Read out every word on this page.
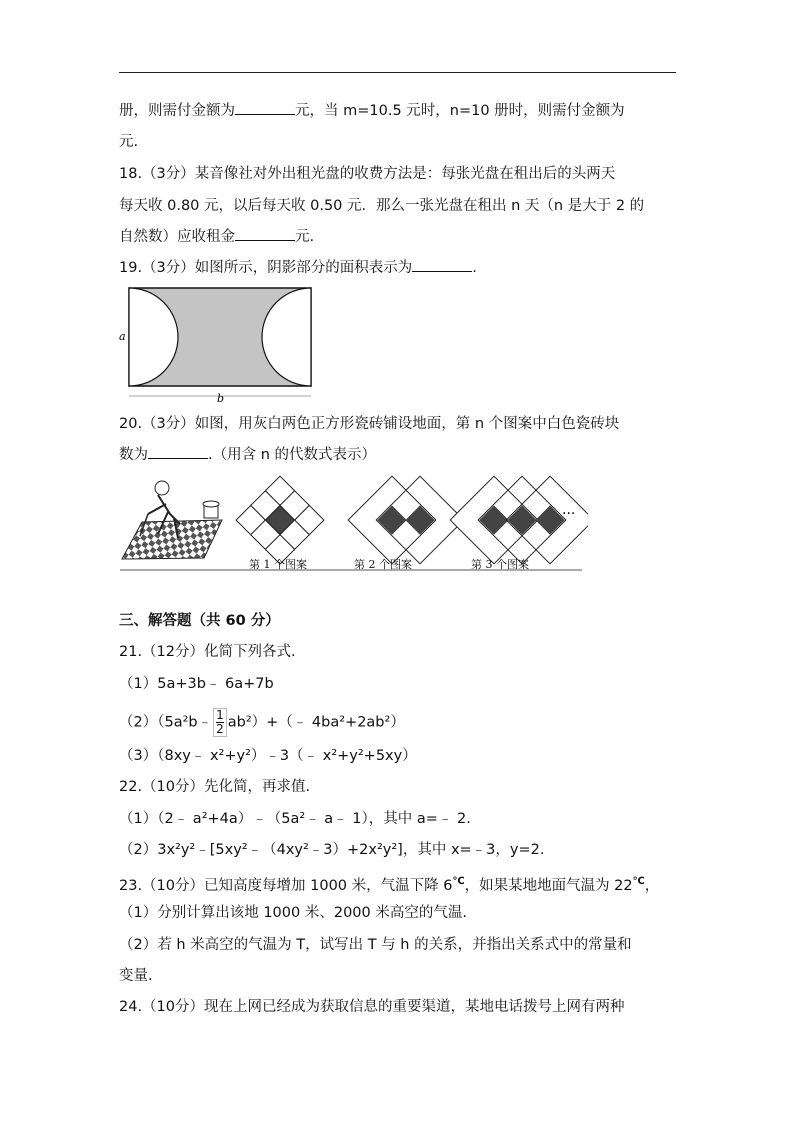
册，则需付金额为	元，当 m=10.5 元时，n=10 册时，则需付金额为
元.
18.（3分）某音像社对外出租光盘的收费方法是：每张光盘在租出后的头两天
每天收 0.80 元，以后每天收 0.50 元．那么一张光盘在租出 n 天（n 是大于 2 的
自然数）应收租金	元.
19.（3分）如图所示，阴影部分的面积表示为	.
a
b
20.（3分）如图，用灰白两色正方形瓷砖铺设地面，第 n 个图案中白色瓷砖块
数为	.（用含 n 的代数式表示）
···
第 1 个图案	第 2 个图案	第 3 个图案
三、解答题（共 60 分）
21.（12分）化简下列各式.
（1）5a+3b﹣ 6a+7b
（2）（5a²b﹣ $\frac{1}{2}$ ab²）+（﹣ 4ba²+2ab²）
（3）（8xy﹣ x²+y²）﹣3（﹣ x²+y²+5xy）
22.（10分）先化简，再求值.
（1）（2﹣ a²+4a）﹣（5a²﹣ a﹣ 1），其中 a=﹣ 2.
（2）3x²y²﹣[5xy²﹣（4xy²﹣3）+2x²y²]，其中 x=﹣3，y=2.
23.（10分）已知高度每增加 1000 米，气温下降 6℃，如果某地地面气温为 22℃，
（1）分别计算出该地 1000 米、2000 米高空的气温.
（2）若 h 米高空的气温为 T，试写出 T 与 h 的关系，并指出关系式中的常量和
变量.
24.（10分）现在上网已经成为获取信息的重要渠道，某地电话拨号上网有两种
